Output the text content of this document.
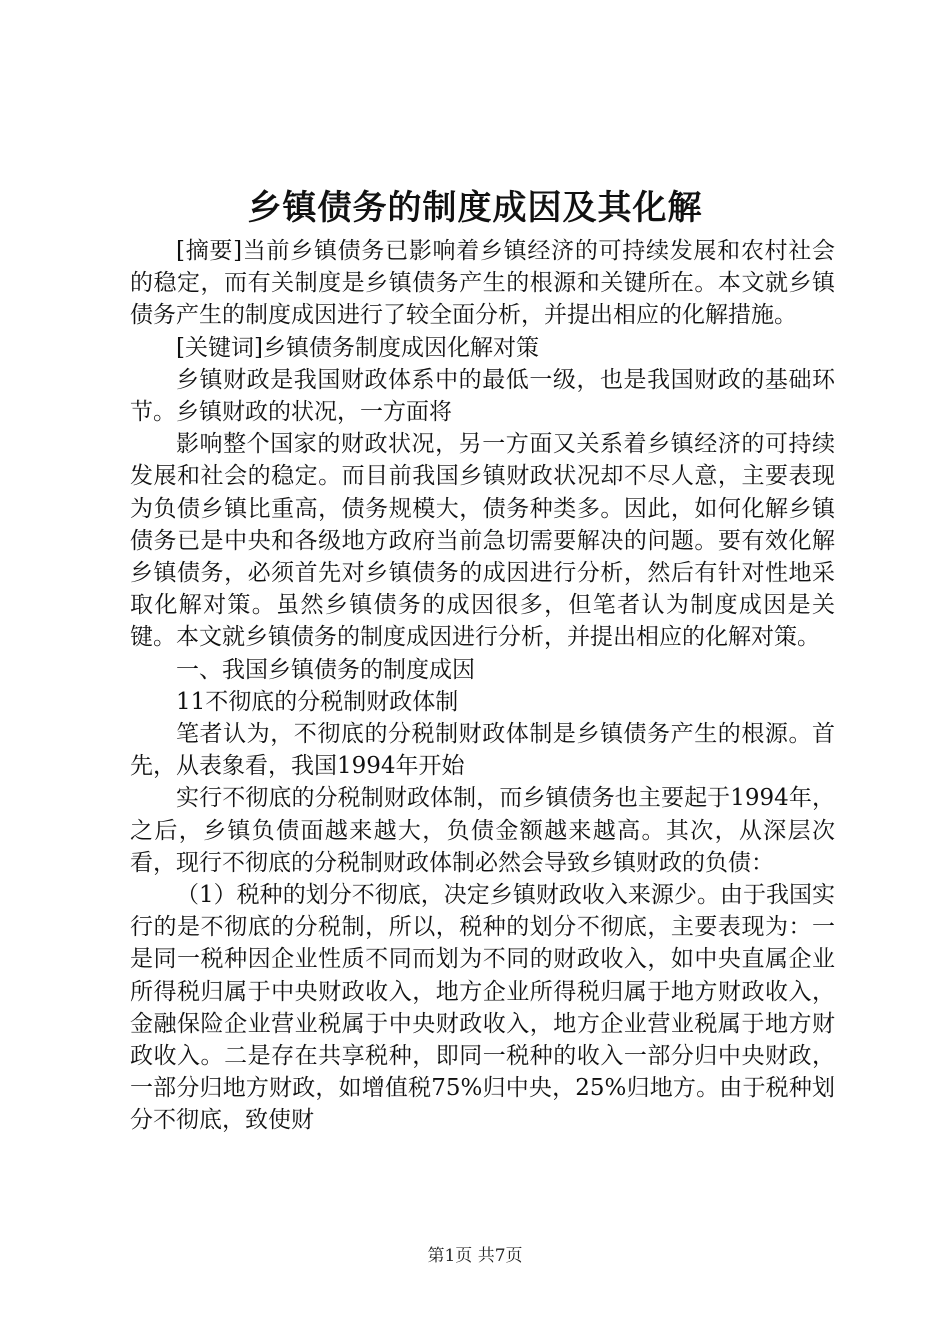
乡镇债务的制度成因及其化解

[摘要]当前乡镇债务已影响着乡镇经济的可持续发展和农村社会的稳定，而有关制度是乡镇债务产生的根源和关键所在。本文就乡镇债务产生的制度成因进行了较全面分析，并提出相应的化解措施。

[关键词]乡镇债务制度成因化解对策

乡镇财政是我国财政体系中的最低一级，也是我国财政的基础环节。乡镇财政的状况，一方面将

影响整个国家的财政状况，另一方面又关系着乡镇经济的可持续发展和社会的稳定。而目前我国乡镇财政状况却不尽人意，主要表现为负债乡镇比重高，债务规模大，债务种类多。因此，如何化解乡镇债务已是中央和各级地方政府当前急切需要解决的问题。要有效化解乡镇债务，必须首先对乡镇债务的成因进行分析，然后有针对性地采取化解对策。虽然乡镇债务的成因很多，但笔者认为制度成因是关键。本文就乡镇债务的制度成因进行分析，并提出相应的化解对策。

一、我国乡镇债务的制度成因

11不彻底的分税制财政体制

笔者认为，不彻底的分税制财政体制是乡镇债务产生的根源。首先，从表象看，我国1994年开始

实行不彻底的分税制财政体制，而乡镇债务也主要起于1994年，之后，乡镇负债面越来越大，负债金额越来越高。其次，从深层次看，现行不彻底的分税制财政体制必然会导致乡镇财政的负债：

（1）税种的划分不彻底，决定乡镇财政收入来源少。由于我国实行的是不彻底的分税制，所以，税种的划分不彻底，主要表现为：一是同一税种因企业性质不同而划为不同的财政收入，如中央直属企业所得税归属于中央财政收入，地方企业所得税归属于地方财政收入，金融保险企业营业税属于中央财政收入，地方企业营业税属于地方财政收入。二是存在共享税种，即同一税种的收入一部分归中央财政，一部分归地方财政，如增值税75%归中央，25%归地方。由于税种划分不彻底，致使财

第1页 共7页
